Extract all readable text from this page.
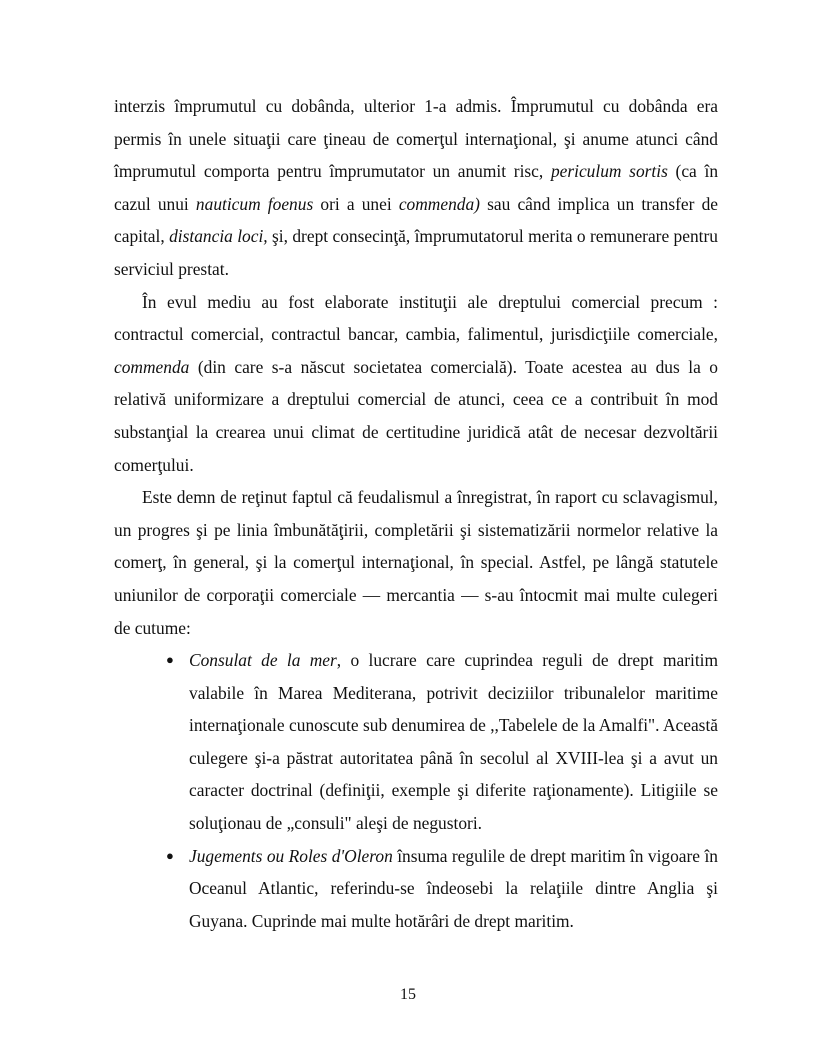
interzis împrumutul cu dobânda, ulterior 1-a admis. Împrumutul cu dobânda era permis în unele situaţii care ţineau de comerţul internaţional, şi anume atunci când împrumutul comporta pentru împrumutator un anumit risc, periculum sortis (ca în cazul unui nauticum foenus ori a unei commenda) sau când implica un transfer de capital, distancia loci, şi, drept consecinţă, împrumutatorul merita o remunerare pentru serviciul prestat.

În evul mediu au fost elaborate instituţii ale dreptului comercial precum : contractul comercial, contractul bancar, cambia, falimentul, jurisdicţiile comerciale, commenda (din care s-a născut societatea comercială). Toate acestea au dus la o relativă uniformizare a dreptului comercial de atunci, ceea ce a contribuit în mod substanţial la crearea unui climat de certitudine juridică atât de necesar dezvoltării comerţului.

Este demn de reţinut faptul că feudalismul a înregistrat, în raport cu sclavagismul, un progres şi pe linia îmbunătăţirii, completării şi sistematizării normelor relative la comerţ, în general, şi la comerţul internaţional, în special. Astfel, pe lângă statutele uniunilor de corporaţii comerciale — mercantia — s-au întocmit mai multe culegeri de cutume:

● Consulat de la mer, o lucrare care cuprindea reguli de drept maritim valabile în Marea Mediterana, potrivit deciziilor tribunalelor maritime internaţionale cunoscute sub denumirea de ,,Tabelele de la Amalfi". Această culegere şi-a păstrat autoritatea până în secolul al XVIII-lea şi a avut un caracter doctrinal (definiţii, exemple şi diferite raţionamente). Litigiile se soluţionau de „consuli" aleşi de negustori.
● Jugements ou Roles d'Oleron însuma regulile de drept maritim în vigoare în Oceanul Atlantic, referindu-se îndeosebi la relaţiile dintre Anglia şi Guyana. Cuprinde mai multe hotărâri de drept maritim.
15
